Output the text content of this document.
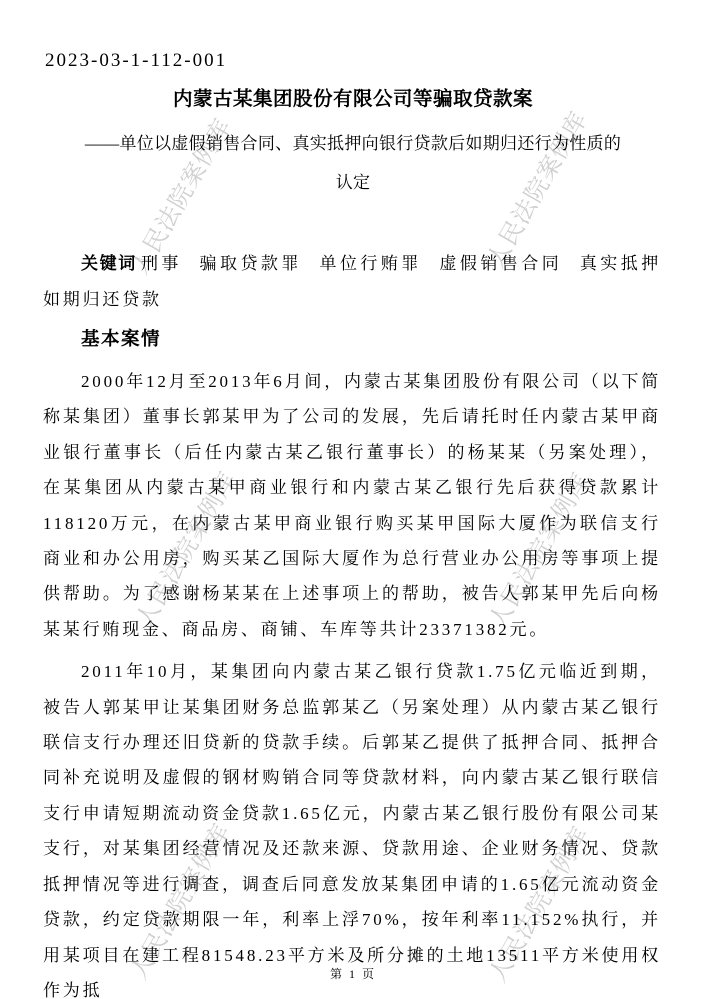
人民法院案例库	人民法院案例库
人民法院案例库	人民法院案例库
人民法院案例库	人民法院案例库
2023-03-1-112-001
内蒙古某集团股份有限公司等骗取贷款案
——单位以虚假销售合同、真实抵押向银行贷款后如期归还行为性质的认定

关键词 刑事 骗取贷款罪 单位行贿罪 虚假销售合同 真实抵押 如期归还贷款

基本案情

2000年12月至2013年6月间，内蒙古某集团股份有限公司（以下简称某集团）董事长郭某甲为了公司的发展，先后请托时任内蒙古某甲商业银行董事长（后任内蒙古某乙银行董事长）的杨某某（另案处理），在某集团从内蒙古某甲商业银行和内蒙古某乙银行先后获得贷款累计118120万元，在内蒙古某甲商业银行购买某甲国际大厦作为联信支行商业和办公用房，购买某乙国际大厦作为总行营业办公用房等事项上提供帮助。为了感谢杨某某在上述事项上的帮助，被告人郭某甲先后向杨某某行贿现金、商品房、商铺、车库等共计23371382元。

2011年10月，某集团向内蒙古某乙银行贷款1.75亿元临近到期，被告人郭某甲让某集团财务总监郭某乙（另案处理）从内蒙古某乙银行联信支行办理还旧贷新的贷款手续。后郭某乙提供了抵押合同、抵押合同补充说明及虚假的钢材购销合同等贷款材料，向内蒙古某乙银行联信支行申请短期流动资金贷款1.65亿元，内蒙古某乙银行股份有限公司某支行，对某集团经营情况及还款来源、贷款用途、企业财务情况、贷款抵押情况等进行调查，调查后同意发放某集团申请的1.65亿元流动资金贷款，约定贷款期限一年，利率上浮70%，按年利率11.152%执行，并用某项目在建工程81548.23平方米及所分摊的土地13511平方米使用权作为抵

第 1 页
